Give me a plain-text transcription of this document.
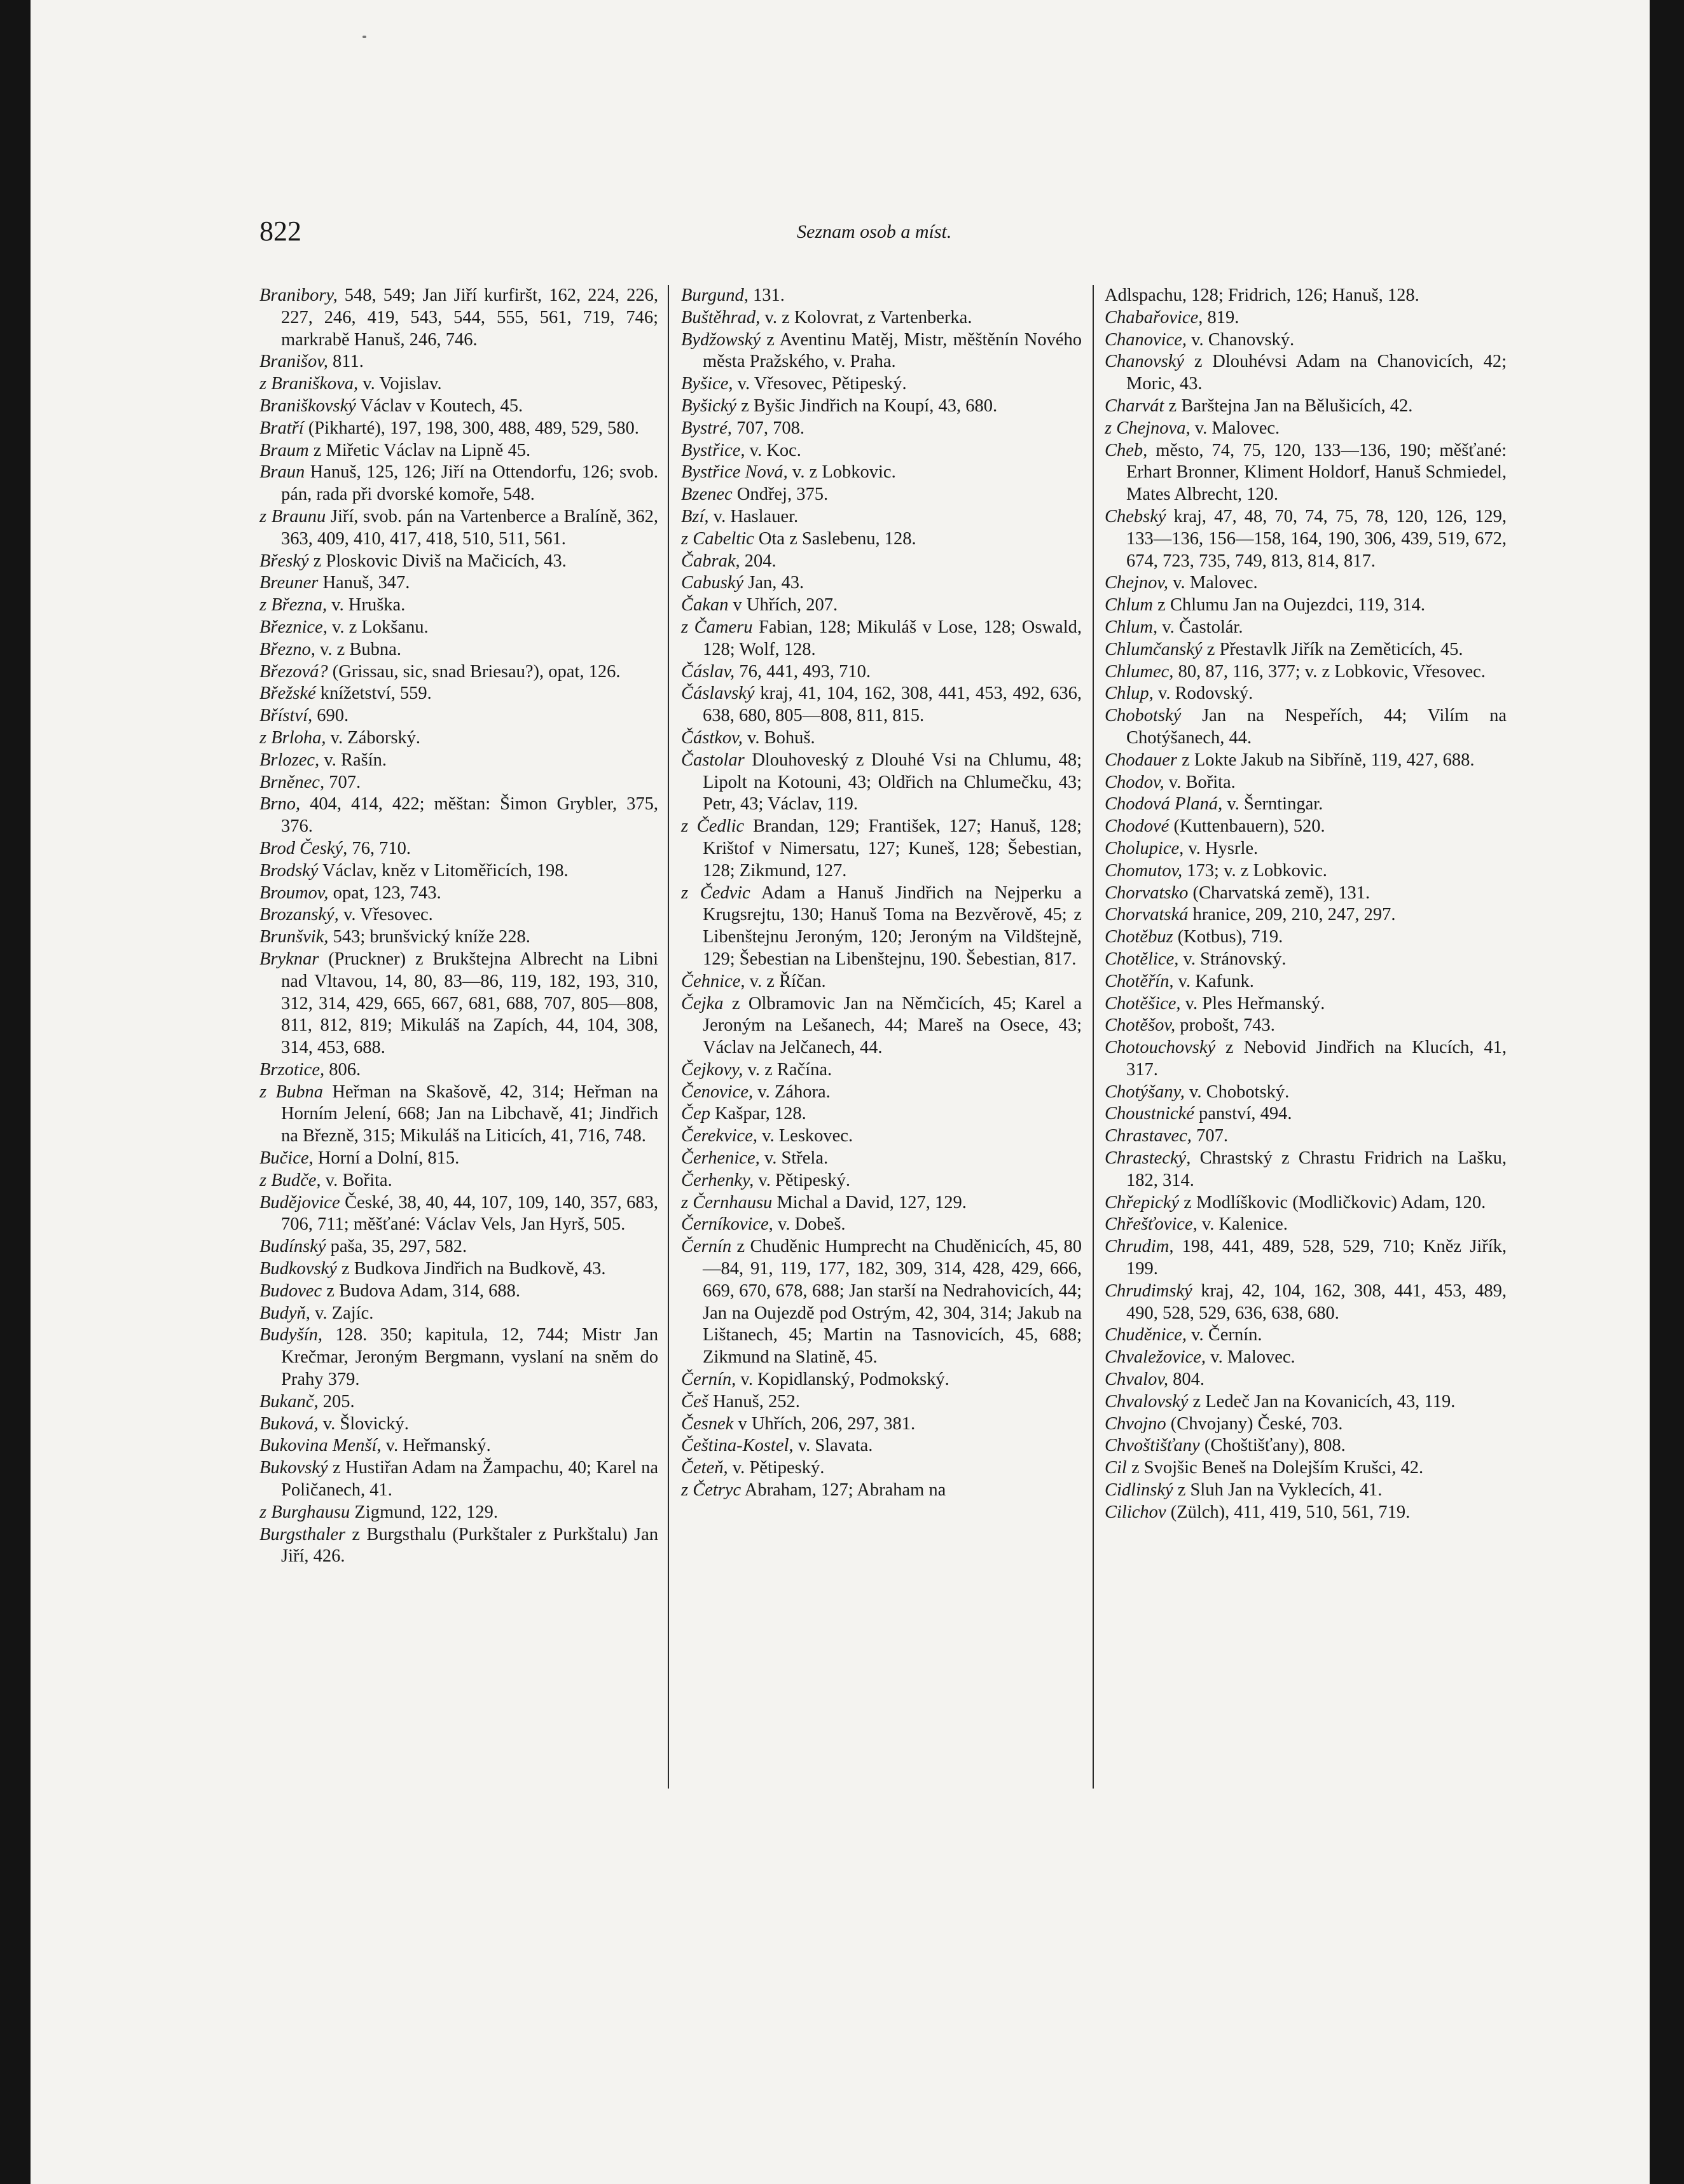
822	Seznam osob a míst.

Branibory, 548, 549; Jan Jiří kurfiršt, 162, 224, 226, 227, 246, 419, 543, 544, 555, 561, 719, 746; markrabě Hanuš, 246, 746.

Branišov, 811.

z Braniškova, v. Vojislav.

Braniškovský Václav v Koutech, 45.

Bratří (Pikharté), 197, 198, 300, 488, 489, 529, 580.

Braum z Miřetic Václav na Lipně 45.

Braun Hanuš, 125, 126; Jiří na Ottendorfu, 126; svob. pán, rada při dvorské komoře, 548.

z Braunu Jiří, svob. pán na Vartenberce a Bralíně, 362, 363, 409, 410, 417, 418, 510, 511, 561.

Břeský z Ploskovic Diviš na Mačicích, 43.

Breuner Hanuš, 347.

z Března, v. Hruška.

Březnice, v. z Lokšanu.

Březno, v. z Bubna.

Březová? (Grissau, sic, snad Briesau?), opat, 126.

Břežské knížetství, 559.

Bříství, 690.

z Brloha, v. Záborský.

Brlozec, v. Rašín.

Brněnec, 707.

Brno, 404, 414, 422; měštan: Šimon Grybler, 375, 376.

Brod Český, 76, 710.

Brodský Václav, kněz v Litoměřicích, 198.

Broumov, opat, 123, 743.

Brozanský, v. Vřesovec.

Brunšvik, 543; brunšvický kníže 228.

Bryknar (Pruckner) z Brukštejna Albrecht na Libni nad Vltavou, 14, 80, 83—86, 119, 182, 193, 310, 312, 314, 429, 665, 667, 681, 688, 707, 805—808, 811, 812, 819; Mikuláš na Zapích, 44, 104, 308, 314, 453, 688.

Brzotice, 806.

z Bubna Heřman na Skašově, 42, 314; Heřman na Horním Jelení, 668; Jan na Libchavě, 41; Jindřich na Březně, 315; Mikuláš na Liticích, 41, 716, 748.

Bučice, Horní a Dolní, 815.

z Budče, v. Bořita.

Budějovice České, 38, 40, 44, 107, 109, 140, 357, 683, 706, 711; měšťané: Václav Vels, Jan Hyrš, 505.

Budínský paša, 35, 297, 582.

Budkovský z Budkova Jindřich na Budkově, 43.

Budovec z Budova Adam, 314, 688.

Budyň, v. Zajíc.

Budyšín, 128. 350; kapitula, 12, 744; Mistr Jan Krečmar, Jeroným Bergmann, vyslaní na sněm do Prahy 379.

Bukanč, 205.

Buková, v. Šlovický.

Bukovina Menší, v. Heřmanský.

Bukovský z Hustiřan Adam na Žampachu, 40; Karel na Poličanech, 41.

z Burghausu Zigmund, 122, 129.

Burgsthaler z Burgsthalu (Purkštaler z Purkštalu) Jan Jiří, 426.

Burgund, 131.

Buštěhrad, v. z Kolovrat, z Vartenberka.

Bydžowský z Aventinu Matěj, Mistr, měštěnín Nového města Pražského, v. Praha.

Byšice, v. Vřesovec, Pětipeský.

Byšický z Byšic Jindřich na Koupí, 43, 680.

Bystré, 707, 708.

Bystřice, v. Koc.

Bystřice Nová, v. z Lobkovic.

Bzenec Ondřej, 375.

Bzí, v. Haslauer.

z Cabeltic Ota z Saslebenu, 128.

Čabrak, 204.

Cabuský Jan, 43.

Čakan v Uhřích, 207.

z Čameru Fabian, 128; Mikuláš v Lose, 128; Oswald, 128; Wolf, 128.

Čáslav, 76, 441, 493, 710.

Čáslavský kraj, 41, 104, 162, 308, 441, 453, 492, 636, 638, 680, 805—808, 811, 815.

Částkov, v. Bohuš.

Častolar Dlouhoveský z Dlouhé Vsi na Chlumu, 48; Lipolt na Kotouni, 43; Oldřich na Chlumečku, 43; Petr, 43; Václav, 119.

z Čedlic Brandan, 129; František, 127; Hanuš, 128; Krištof v Nimersatu, 127; Kuneš, 128; Šebestian, 128; Zikmund, 127.

z Čedvic Adam a Hanuš Jindřich na Nejperku a Krugsrejtu, 130; Hanuš Toma na Bezvěrově, 45; z Libenštejnu Jeroným, 120; Jeroným na Vildštejně, 129; Šebestian na Libenštejnu, 190. Šebestian, 817.

Čehnice, v. z Říčan.

Čejka z Olbramovic Jan na Němčicích, 45; Karel a Jeroným na Lešanech, 44; Mareš na Osece, 43; Václav na Jelčanech, 44.

Čejkovy, v. z Račína.

Čenovice, v. Záhora.

Čep Kašpar, 128.

Čerekvice, v. Leskovec.

Čerhenice, v. Střela.

Čerhenky, v. Pětipeský.

z Černhausu Michal a David, 127, 129.

Černíkovice, v. Dobeš.

Černín z Chuděnic Humprecht na Chuděnicích, 45, 80—84, 91, 119, 177, 182, 309, 314, 428, 429, 666, 669, 670, 678, 688; Jan starší na Nedrahovicích, 44; Jan na Oujezdě pod Ostrým, 42, 304, 314; Jakub na Lištanech, 45; Martin na Tasnovicích, 45, 688; Zikmund na Slatině, 45.

Černín, v. Kopidlanský, Podmokský.

Češ Hanuš, 252.

Česnek v Uhřích, 206, 297, 381.

Čeština-Kostel, v. Slavata.

Četeň, v. Pětipeský.

z Četryc Abraham, 127; Abraham na

Adlspachu, 128; Fridrich, 126; Hanuš, 128.

Chabařovice, 819.

Chanovice, v. Chanovský.

Chanovský z Dlouhévsi Adam na Chanovicích, 42; Moric, 43.

Charvát z Barštejna Jan na Bělušicích, 42.

z Chejnova, v. Malovec.

Cheb, město, 74, 75, 120, 133—136, 190; měšťané: Erhart Bronner, Kliment Holdorf, Hanuš Schmiedel, Mates Albrecht, 120.

Chebský kraj, 47, 48, 70, 74, 75, 78, 120, 126, 129, 133—136, 156—158, 164, 190, 306, 439, 519, 672, 674, 723, 735, 749, 813, 814, 817.

Chejnov, v. Malovec.

Chlum z Chlumu Jan na Oujezdci, 119, 314.

Chlum, v. Častolár.

Chlumčanský z Přestavlk Jiřík na Zeměticích, 45.

Chlumec, 80, 87, 116, 377; v. z Lobkovic, Vřesovec.

Chlup, v. Rodovský.

Chobotský Jan na Nespeřích, 44; Vilím na Chotýšanech, 44.

Chodauer z Lokte Jakub na Sibříně, 119, 427, 688.

Chodov, v. Bořita.

Chodová Planá, v. Šerntingar.

Chodové (Kuttenbauern), 520.

Cholupice, v. Hysrle.

Chomutov, 173; v. z Lobkovic.

Chorvatsko (Charvatská země), 131.

Chorvatská hranice, 209, 210, 247, 297.

Chotěbuz (Kotbus), 719.

Chotělice, v. Stránovský.

Chotěřín, v. Kafunk.

Chotěšice, v. Ples Heřmanský.

Chotěšov, probošt, 743.

Chotouchovský z Nebovid Jindřich na Klucích, 41, 317.

Chotýšany, v. Chobotský.

Choustnické panství, 494.

Chrastavec, 707.

Chrastecký, Chrastský z Chrastu Fridrich na Lašku, 182, 314.

Chřepický z Modlíškovic (Modličkovic) Adam, 120.

Chřešťovice, v. Kalenice.

Chrudim, 198, 441, 489, 528, 529, 710; Kněz Jiřík, 199.

Chrudimský kraj, 42, 104, 162, 308, 441, 453, 489, 490, 528, 529, 636, 638, 680.

Chuděnice, v. Černín.

Chvaležovice, v. Malovec.

Chvalov, 804.

Chvalovský z Ledeč Jan na Kovanicích, 43, 119.

Chvojno (Chvojany) České, 703.

Chvoštišťany (Choštišťany), 808.

Cil z Svojšic Beneš na Dolejším Krušci, 42.

Cidlinský z Sluh Jan na Vyklecích, 41.

Cilichov (Zülch), 411, 419, 510, 561, 719.
